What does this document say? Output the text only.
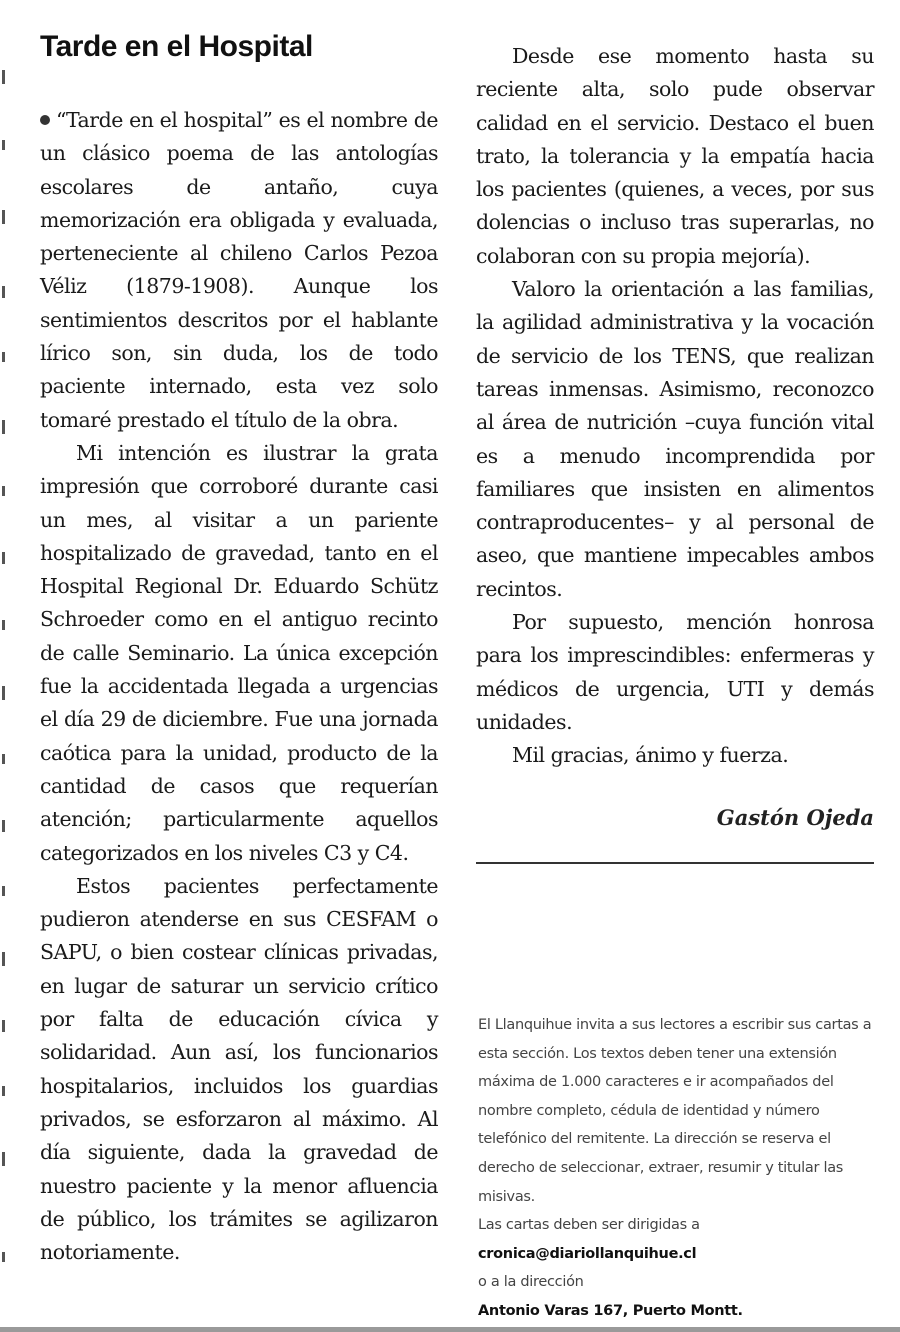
Tarde en el Hospital

“Tarde en el hospital” es el nombre de un clásico poema de las antologías escolares de antaño, cuya memorización era obligada y evaluada, perteneciente al chileno Carlos Pezoa Véliz (1879-1908). Aunque los sentimientos descritos por el hablante lírico son, sin duda, los de todo paciente internado, esta vez solo tomaré prestado el título de la obra.

Mi intención es ilustrar la grata impresión que corroboré durante casi un mes, al visitar a un pariente hospitalizado de gravedad, tanto en el Hospital Regional Dr. Eduardo Schütz Schroeder como en el antiguo recinto de calle Seminario. La única excepción fue la accidentada llegada a urgencias el día 29 de diciembre. Fue una jornada caótica para la unidad, producto de la cantidad de casos que requerían atención; particularmente aquellos categorizados en los niveles C3 y C4.

Estos pacientes perfectamente pudieron atenderse en sus CESFAM o SAPU, o bien costear clínicas privadas, en lugar de saturar un servicio crítico por falta de educación cívica y solidaridad. Aun así, los funcionarios hospitalarios, incluidos los guardias privados, se esforzaron al máximo. Al día siguiente, dada la gravedad de nuestro paciente y la menor afluencia de público, los trámites se agilizaron notoriamente.

Desde ese momento hasta su reciente alta, solo pude observar calidad en el servicio. Destaco el buen trato, la tolerancia y la empatía hacia los pacientes (quienes, a veces, por sus dolencias o incluso tras superarlas, no colaboran con su propia mejoría).

Valoro la orientación a las familias, la agilidad administrativa y la vocación de servicio de los TENS, que realizan tareas inmensas. Asimismo, reconozco al área de nutrición –cuya función vital es a menudo incomprendida por familiares que insisten en alimentos contraproducentes– y al personal de aseo, que mantiene impecables ambos recintos.

Por supuesto, mención honrosa para los imprescindibles: enfermeras y médicos de urgencia, UTI y demás unidades.

Mil gracias, ánimo y fuerza.

Gastón Ojeda

El Llanquihue invita a sus lectores a escribir sus cartas a esta sección. Los textos deben tener una extensión máxima de 1.000 caracteres e ir acompañados del nombre completo, cédula de identidad y número telefónico del remitente. La dirección se reserva el derecho de seleccionar, extraer, resumir y titular las misivas.

Las cartas deben ser dirigidas a

cronica@diariollanquihue.cl

o a la dirección

Antonio Varas 167, Puerto Montt.
